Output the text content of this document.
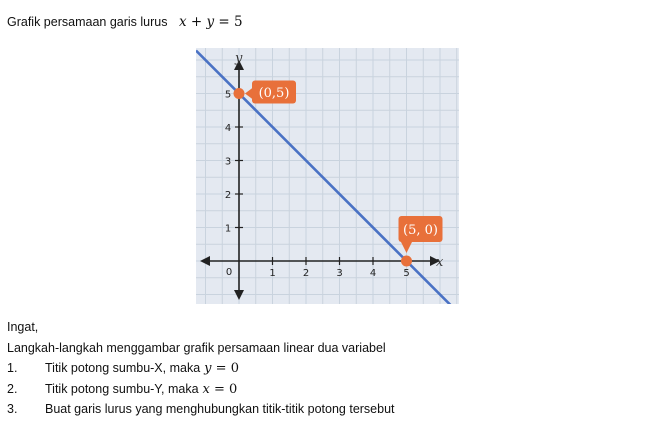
Grafik persamaan garis lurus x + y = 5
1	2	3	4	5
1
2
3
4
5
x
y
0
(0,5)
(5, 0)
Ingat,
Langkah-langkah menggambar grafik persamaan linear dua variabel
1. Titik potong sumbu-X, maka y = 0
2. Titik potong sumbu-Y, maka x = 0
3. Buat garis lurus yang menghubungkan titik-titik potong tersebut
